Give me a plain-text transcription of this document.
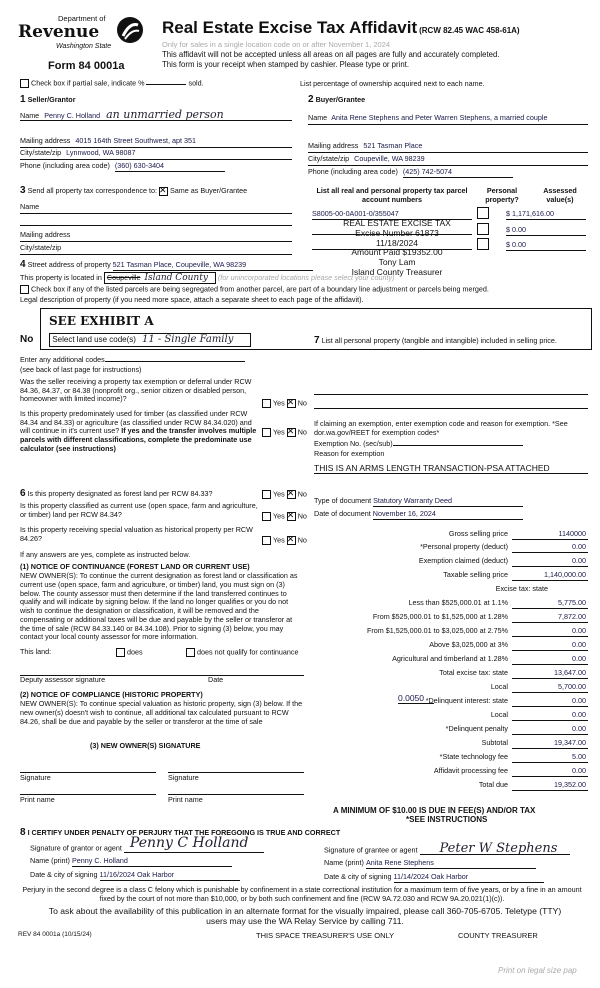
Department of
Revenue
Washington State
Form 84 0001a
Real Estate Excise Tax Affidavit (RCW 82.45 WAC 458-61A)
Only for sales in a single location code on or after November 1, 2024
This affidavit will not be accepted unless all areas on all pages are fully and accurately completed.
This form is your receipt when stamped by cashier. Please type or print.
Check box if partial sale, indicate %	sold.	List percentage of ownership acquired next to each name.
1 Seller/Grantor
Name Penny C. Holland an unmarried person
Mailing address 4015 164th Street Southwest, apt 351
City/state/zip Lynnwood, WA 98087
Phone (including area code) (360) 630-3404
2 Buyer/Grantee
Name Anita Rene Stephens and Peter Warren Stephens, a married couple
Mailing address 521 Tasman Place
City/state/zip Coupeville, WA 98239
Phone (including area code) (425) 742-5074
3 Send all property tax correspondence to: ✕ Same as Buyer/Grantee
Name
Mailing address
City/state/zip
List all real and personal property tax parcel account numbers
Personal property?
Assessed value(s)
S8005-00-0A001-0/355047	$ 1,171,616.00
$ 0.00
$ 0.00
REAL ESTATE EXCISE TAX
Excise Number 61873
11/18/2024
Amount Paid $19352.00
Tony Lam
Island County Treasurer
4 Street address of property 521 Tasman Place, Coupeville, WA 98239
This property is located in Coupeville Island County (for unincorporated locations please select your county)
Check box if any of the listed parcels are being segregated from another parcel, are part of a boundary line adjustment or parcels being merged.
Legal description of property (if you need more space, attach a separate sheet to each page of the affidavit).
SEE EXHIBIT A
No Select land use code(s) 11 - Single Family
Enter any additional codes
(see back of last page for instructions)
Was the seller receiving a property tax exemption or deferral under RCW 84.36, 84.37, or 84.38 (nonprofit org., senior citizen or disabled person, homeowner with limited income)?	Yes ✕ No
Is this property predominately used for timber (as classified under RCW 84.34 and 84.33) or agriculture (as classified under RCW 84.34.020) and will continue in it's current use? If yes and the transfer involves multiple parcels with different classifications, complete the predominate use calculator (see instructions)
Yes ✕ No
6 Is this property designated as forest land per RCW 84.33?	Yes ✕ No
Is this property classified as current use (open space, farm and agriculture, or timber) land per RCW 84.34?	Yes ✕ No
Is this property receiving special valuation as historical property per RCW 84.26?	Yes ✕ No
If any answers are yes, complete as instructed below.
(1) NOTICE OF CONTINUANCE (FOREST LAND OR CURRENT USE)
NEW OWNER(S): To continue the current designation as forest land or classification as current use (open space, farm and agriculture, or timber) land, you must sign on (3) below. The county assessor must then determine if the land transferred continues to qualify and will indicate by signing below. If the land no longer qualifies or you do not wish to continue the designation or classification, it will be removed and the compensating or additional taxes will be due and payable by the seller or transferor at the time of sale (RCW 84.33.140 or 84.34.108). Prior to signing (3) below, you may contact your local county assessor for more information.
This land:	does	does not qualify for continuance
Deputy assessor signature	Date
(2) NOTICE OF COMPLIANCE (HISTORIC PROPERTY)
NEW OWNER(S): To continue special valuation as historic property, sign (3) below. If the new owner(s) doesn't wish to continue, all additional tax calculated pursuant to RCW 84.26, shall be due and payable by the seller or transferor at the time of sale
(3) NEW OWNER(S) SIGNATURE
Signature	Signature
Print name	Print name
7 List all personal property (tangible and intangible) included in selling price.
If claiming an exemption, enter exemption code and reason for exemption. *See dor.wa.gov/REET for exemption codes*
Exemption No. (sec/sub)
Reason for exemption
THIS IS AN ARMS LENGTH TRANSACTION-PSA ATTACHED
Type of document Statutory Warranty Deed
Date of document November 16, 2024
Gross selling price	1140000
*Personal property (deduct)	0.00
Exemption claimed (deduct)	0.00
Taxable selling price	1,140,000.00
Excise tax: state
Less than $525,000.01 at 1.1%	5,775.00
From $525,000.01 to $1,525,000 at 1.28%	7,872.00
From $1,525,000.01 to $3,025,000 at 2.75%	0.00
Above $3,025,000 at 3%	0.00
Agricultural and timberland at 1.28%	0.00
Total excise tax: state	13,647.00
Local	5,700.00
*Delinquent interest: state	0.00
Local	0.00
*Delinquent penalty	0.00
Subtotal	19,347.00
*State technology fee	5.00
Affidavit processing fee	0.00
Total due	19,352.00
0.0050
A MINIMUM OF $10.00 IS DUE IN FEE(S) AND/OR TAX
*SEE INSTRUCTIONS
8 I CERTIFY UNDER PENALTY OF PERJURY THAT THE FOREGOING IS TRUE AND CORRECT
Signature of grantor or agent Penny C Holland
Name (print) Penny C. Holland
Date & city of signing 11/16/2024 Oak Harbor
Signature of grantee or agent Peter W Stephens
Name (print) Anita Rene Stephens
Date & city of signing 11/14/2024 Oak Harbor
Perjury in the second degree is a class C felony which is punishable by confinement in a state correctional institution for a maximum term of five years, or by a fine in an amount fixed by the court of not more than $10,000, or by both such confinement and fine (RCW 9A.72.030 and RCW 9A.20.021(1)(c)).
To ask about the availability of this publication in an alternate format for the visually impaired, please call 360-705-6705. Teletype (TTY) users may use the WA Relay Service by calling 711.
REV 84 0001a (10/15/24)	THIS SPACE TREASURER'S USE ONLY	COUNTY TREASURER
Print on legal size pap
